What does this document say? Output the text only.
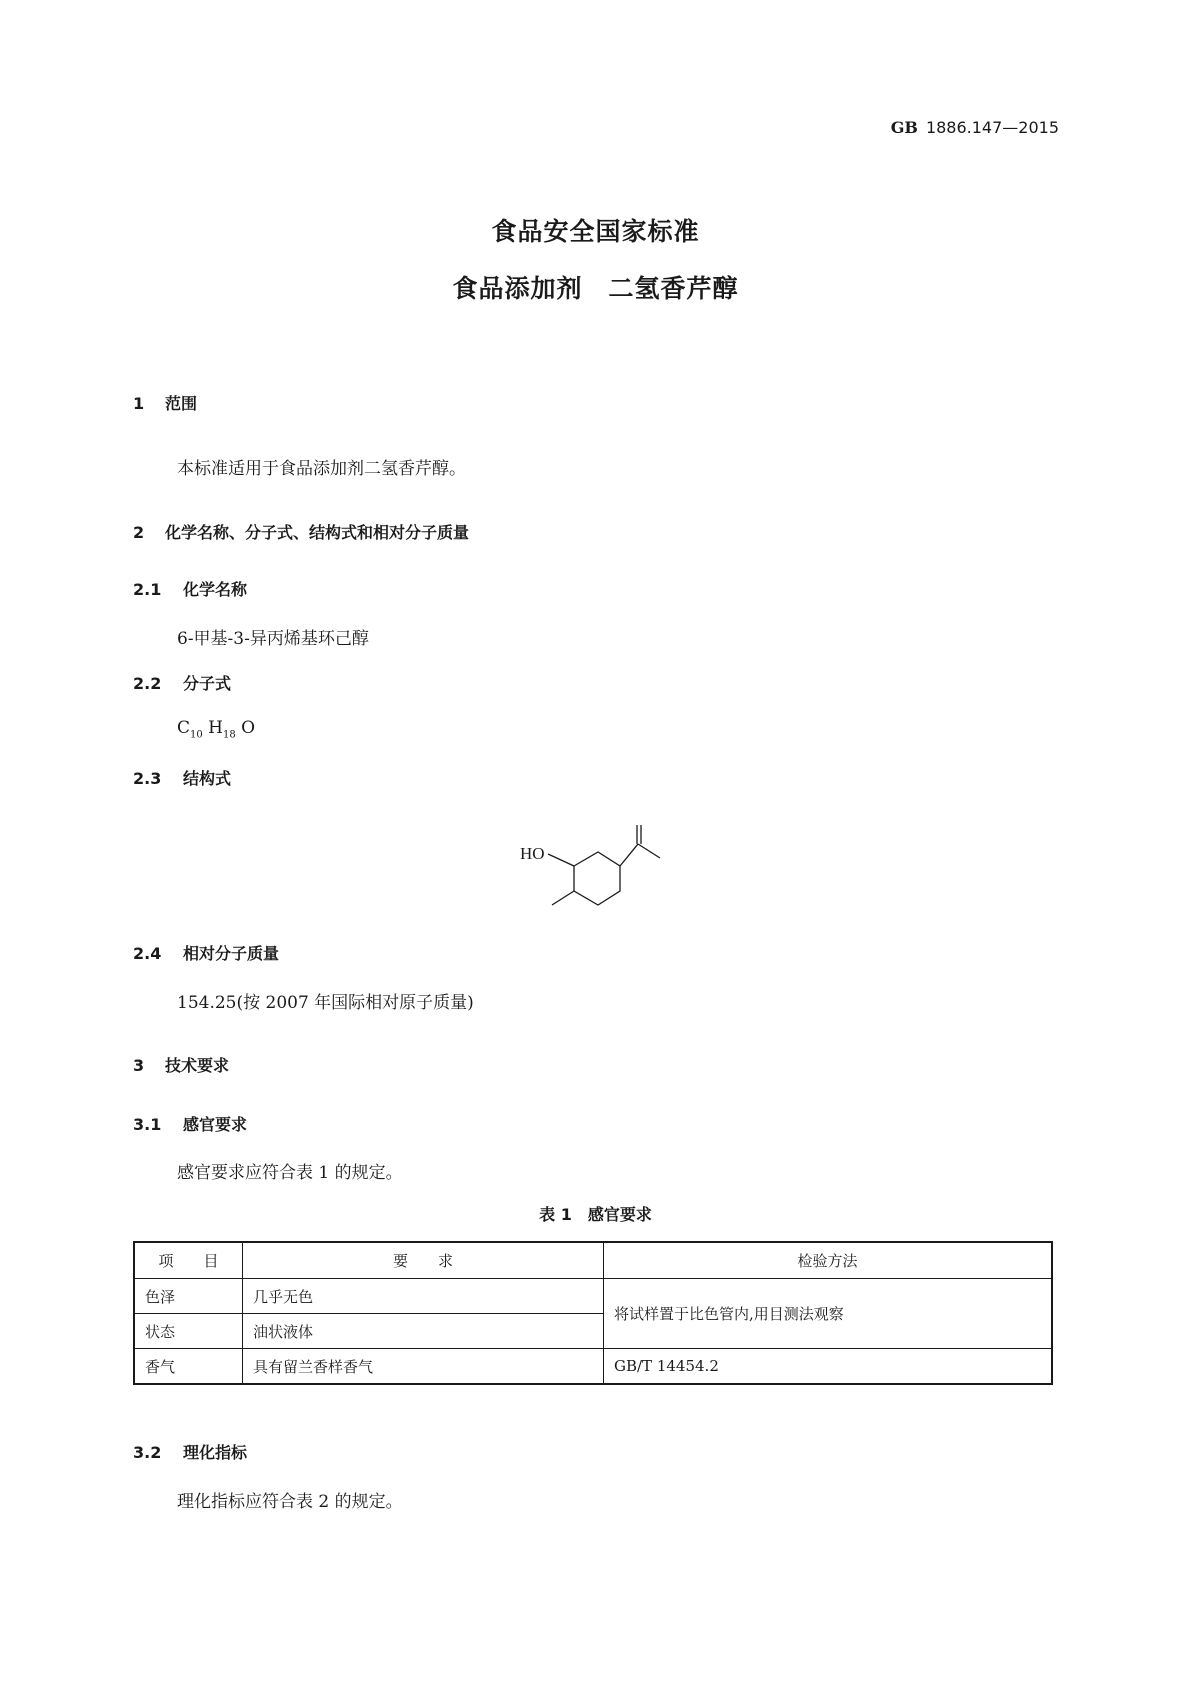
GB 1886.147—2015
食品安全国家标准
食品添加剂　二氢香芹醇
1 范围
本标准适用于食品添加剂二氢香芹醇。
2 化学名称、分子式、结构式和相对分子质量
2.1 化学名称
6-甲基-3-异丙烯基环己醇
2.2 分子式
$C_{10}$ $H_{18}$ O
2.3 结构式
HO
2.4 相对分子质量
154.25(按 2007 年国际相对原子质量)
3 技术要求
3.1 感官要求
感官要求应符合表 1 的规定。
表 1　感官要求
项　　目	要　　求	检验方法
色泽	几乎无色	将试样置于比色管内,用目测法观察
状态	油状液体	
香气	具有留兰香样香气	GB/T 14454.2
3.2 理化指标
理化指标应符合表 2 的规定。
